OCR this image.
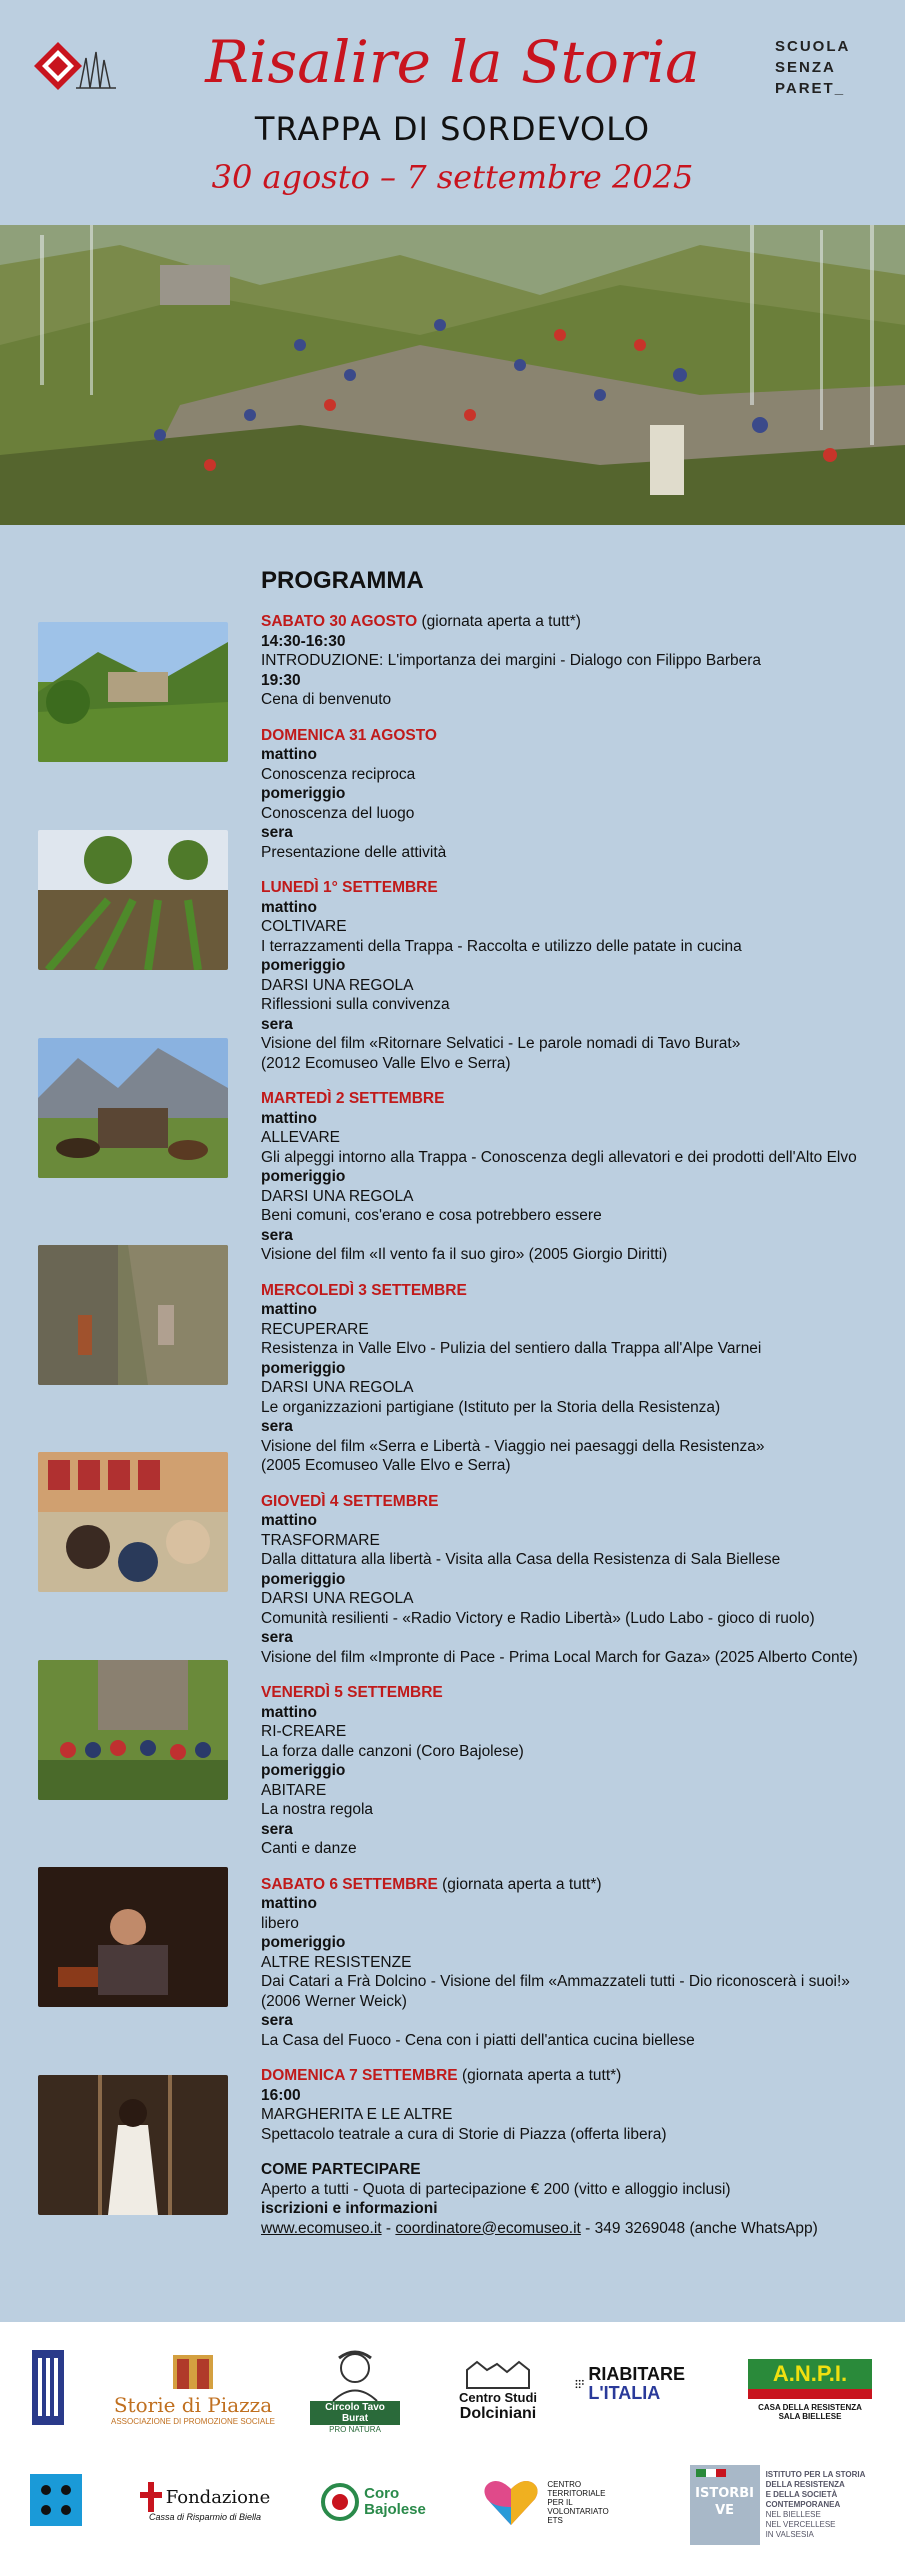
Risalire la Storia	SCUOLA
SENZA
PARET_
TRAPPA DI SORDEVOLO
30 agosto – 7 settembre 2025
PROGRAMMA
SABATO 30 AGOSTO (giornata aperta a tutt*)
14:30-16:30
INTRODUZIONE: L'importanza dei margini - Dialogo con Filippo Barbera
19:30
Cena di benvenuto
DOMENICA 31 AGOSTO
mattino
Conoscenza reciproca
pomeriggio
Conoscenza del luogo
sera
Presentazione delle attività
LUNEDÌ 1° SETTEMBRE
mattino
COLTIVARE
I terrazzamenti della Trappa - Raccolta e utilizzo delle patate in cucina
pomeriggio
DARSI UNA REGOLA
Riflessioni sulla convivenza
sera
Visione del film «Ritornare Selvatici - Le parole nomadi di Tavo Burat»
(2012 Ecomuseo Valle Elvo e Serra)
MARTEDÌ 2 SETTEMBRE
mattino
ALLEVARE
Gli alpeggi intorno alla Trappa - Conoscenza degli allevatori e dei prodotti dell'Alto Elvo
pomeriggio
DARSI UNA REGOLA
Beni comuni, cos'erano e cosa potrebbero essere
sera
Visione del film «Il vento fa il suo giro» (2005 Giorgio Diritti)
MERCOLEDÌ 3 SETTEMBRE
mattino
RECUPERARE
Resistenza in Valle Elvo - Pulizia del sentiero dalla Trappa all'Alpe Varnei
pomeriggio
DARSI UNA REGOLA
Le organizzazioni partigiane (Istituto per la Storia della Resistenza)
sera
Visione del film «Serra e Libertà - Viaggio nei paesaggi della Resistenza»
(2005 Ecomuseo Valle Elvo e Serra)
GIOVEDÌ 4 SETTEMBRE
mattino
TRASFORMARE
Dalla dittatura alla libertà - Visita alla Casa della Resistenza di Sala Biellese
pomeriggio
DARSI UNA REGOLA
Comunità resilienti - «Radio Victory e Radio Libertà» (Ludo Labo - gioco di ruolo)
sera
Visione del film «Impronte di Pace - Prima Local March for Gaza» (2025 Alberto Conte)
VENERDÌ 5 SETTEMBRE
mattino
RI-CREARE
La forza dalle canzoni (Coro Bajolese)
pomeriggio
ABITARE
La nostra regola
sera
Canti e danze
SABATO 6 SETTEMBRE (giornata aperta a tutt*)
mattino
libero
pomeriggio
ALTRE RESISTENZE
Dai Catari a Frà Dolcino - Visione del film «Ammazzateli tutti - Dio riconoscerà i suoi!»
(2006 Werner Weick)
sera
La Casa del Fuoco - Cena con i piatti dell'antica cucina biellese
DOMENICA 7 SETTEMBRE (giornata aperta a tutt*)
16:00
MARGHERITA E LE ALTRE
Spettacolo teatrale a cura di Storie di Piazza (offerta libera)
COME PARTECIPARE
Aperto a tutti - Quota di partecipazione € 200 (vitto e alloggio inclusi)
iscrizioni e informazioni
www.ecomuseo.it - coordinatore@ecomuseo.it - 349 3269048 (anche WhatsApp)
Storie di Piazza
ASSOCIAZIONE DI PROMOZIONE SOCIALE
Circolo Tavo Burat
PRO NATURA
Centro Studi
Dolciniani
RIABITARE
L'ITALIA
A.N.P.I.
CASA DELLA RESISTENZA
SALA BIELLESE
Fondazione
Cassa di Risparmio di Biella
Coro
Bajolese
CENTRO
TERRITORIALE
PER IL
VOLONTARIATO
ETS
ISTORBIVE
ISTITUTO PER LA STORIA
DELLA RESISTENZA
E DELLA SOCIETÀ
CONTEMPORANEA
NEL BIELLESE
NEL VERCELLESE
IN VALSESIA
